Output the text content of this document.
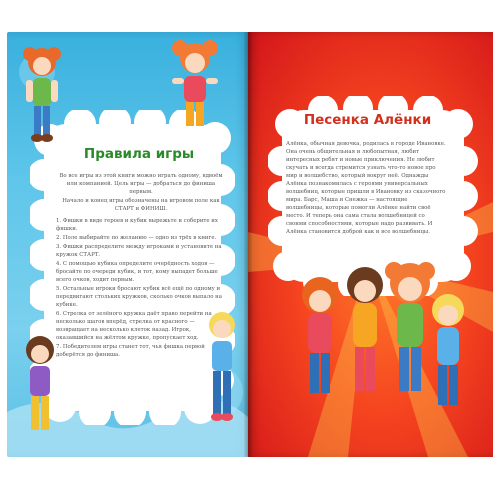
Правила игры

Во все игры из этой книги можно играть одному, вдвоём или компанией. Цель игры — добраться до финиша первым.

Начало и конец игры обозначены на игровом поле как СТАРТ и ФИНИШ.

1. Фишки в виде героев и кубик вырежьте и соберите их фишки.

2. Поле выбирайте по желанию — одно из трёх в книге.

3. Фишки распределите между игроками и установите на кружок СТАРТ.

4. С помощью кубика определите очерёдность ходов — бросайте по очереди кубик, и тот, кому выпадет больше всего очков, ходит первым.

5. Остальные игроки бросают кубик всё ещё по одному и передвигают стольких кружков, сколько очков выпало на кубике.

6. Стрелка от зелёного кружка даёт право перейти на несколько шагов вперёд, стрелка от красного — возвращает на несколько клеток назад. Игрок, оказавшийся на жёлтом кружке, пропускает ход.

7. Победителем игры станет тот, чья фишка первой доберётся до финиша.

Песенка Алёнки

Алёнка, обычная девочка, родилась в городе Ивановке. Она очень общительная и любопытная, любит интересных ребят и новые приключения. Не любит скучать и всегда стремится узнать что-то новое про мир и волшебство, который вокруг неё. Однажды Алёнка познакомилась с героями универсальных волшебниц, которые пришли в Ивановку из сказочного мира. Барс, Маша и Снежка — настоящие волшебницы, которые помогли Алёнке найти своё место. И теперь она сама стала волшебницей со своими способностями, которые надо развивать. И Алёнка становится доброй как и все волшебницы.
